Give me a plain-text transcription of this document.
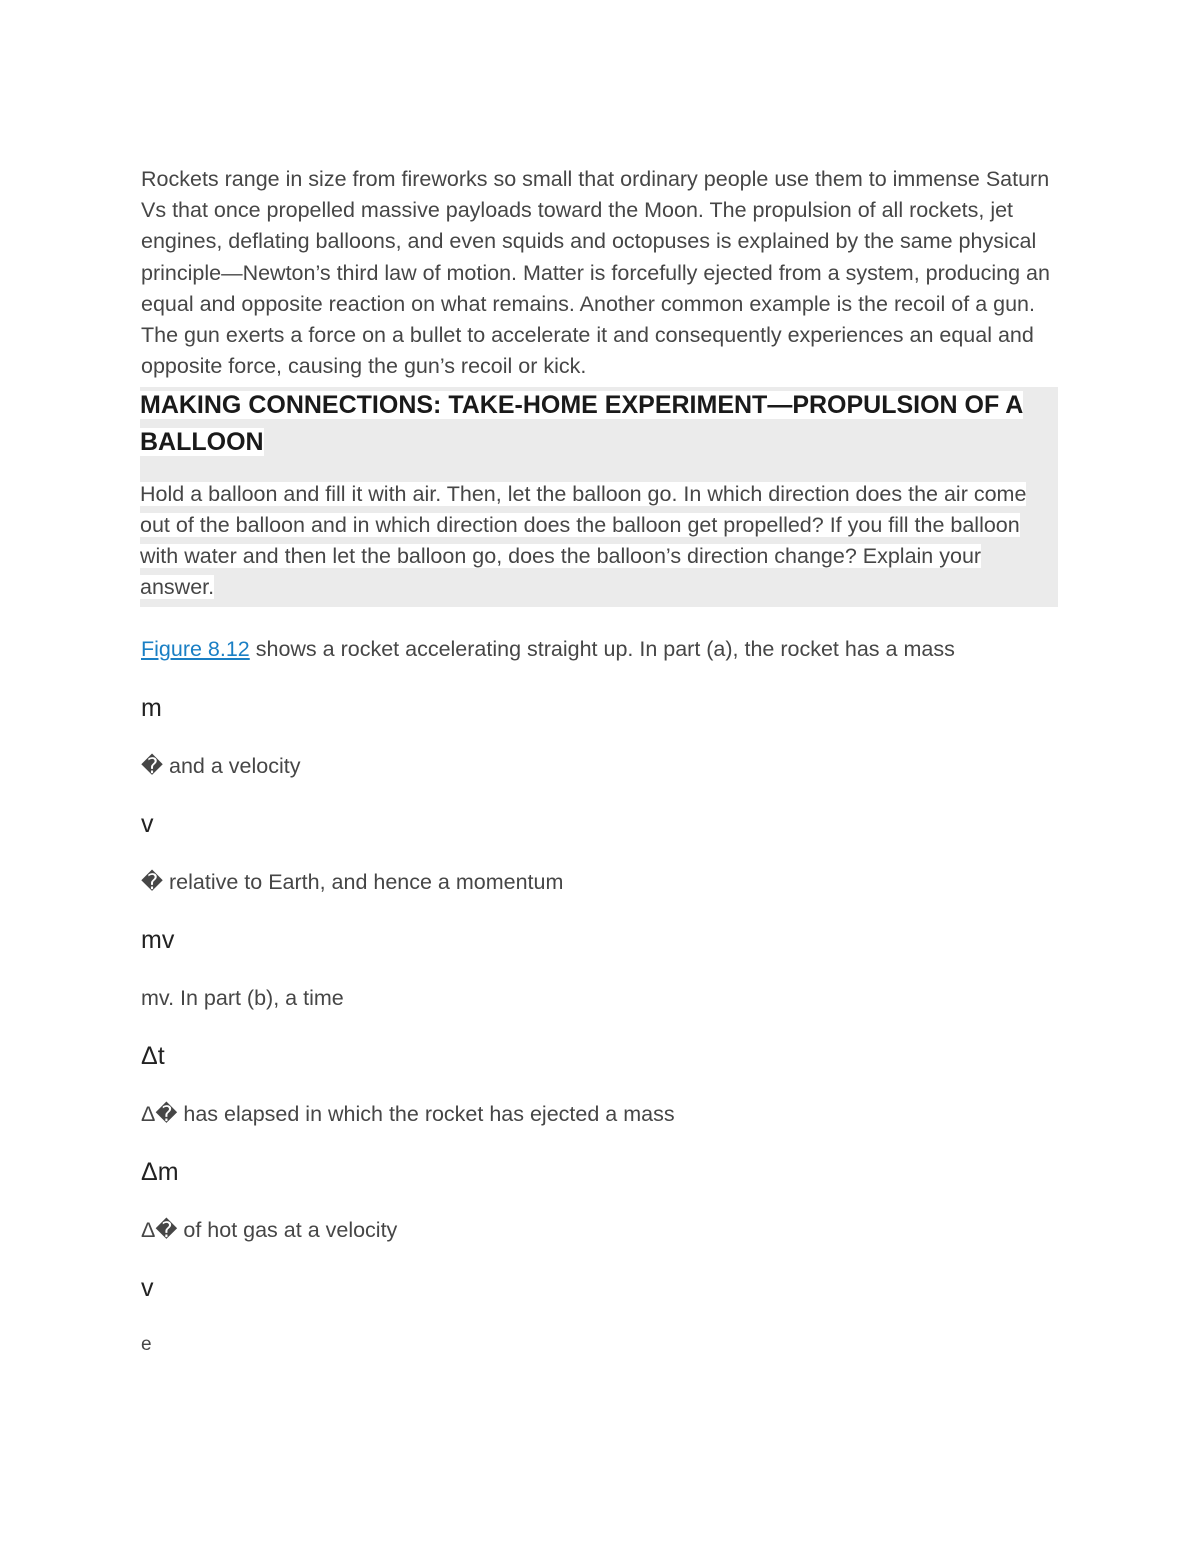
Rockets range in size from fireworks so small that ordinary people use them to immense Saturn Vs that once propelled massive payloads toward the Moon. The propulsion of all rockets, jet engines, deflating balloons, and even squids and octopuses is explained by the same physical principle—Newton’s third law of motion. Matter is forcefully ejected from a system, producing an equal and opposite reaction on what remains. Another common example is the recoil of a gun. The gun exerts a force on a bullet to accelerate it and consequently experiences an equal and opposite force, causing the gun’s recoil or kick.

MAKING CONNECTIONS: TAKE-HOME EXPERIMENT—PROPULSION OF A BALLOON

Hold a balloon and fill it with air. Then, let the balloon go. In which direction does the air come out of the balloon and in which direction does the balloon get propelled? If you fill the balloon with water and then let the balloon go, does the balloon’s direction change? Explain your answer.

Figure 8.12 shows a rocket accelerating straight up. In part (a), the rocket has a mass

m

� and a velocity

v

� relative to Earth, and hence a momentum

mv

mv. In part (b), a time

Δt

Δ� has elapsed in which the rocket has ejected a mass

Δm

Δ� of hot gas at a velocity

v

e
